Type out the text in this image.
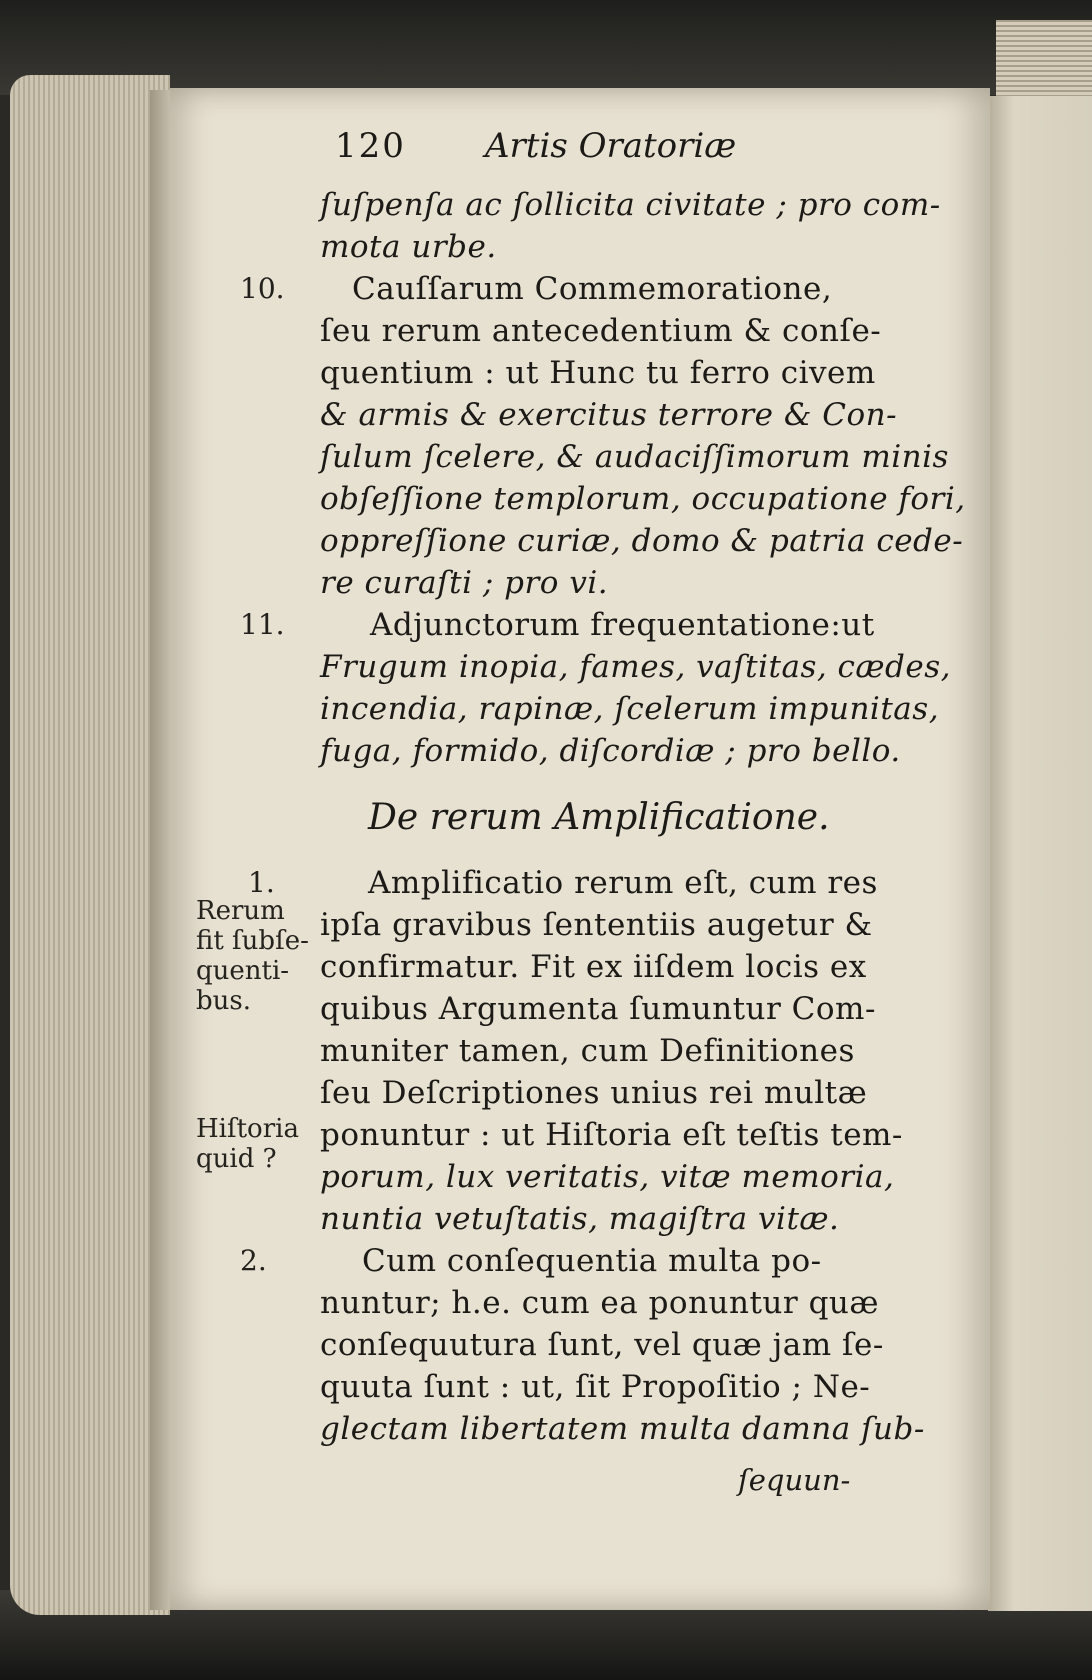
120 Artis Oratoriæ
ſuſpenſa ac ſollicita civitate ; pro com-
mota urbe.
10.	Cauſſarum Commemoratione,
ſeu rerum antecedentium & conſe-
quentium : ut Hunc tu ferro civem
& armis & exercitus terrore & Con-
ſulum ſcelere, & audaciſſimorum minis
obſeſſione templorum, occupatione fori,
oppreſſione curiæ, domo & patria cede-
re curaſti ; pro vi.
11.	Adjunctorum frequentatione:ut
Frugum inopia, fames, vaſtitas, cædes,
incendia, rapinæ, ſcelerum impunitas,
fuga, formido, diſcordiæ ; pro bello.
De rerum Amplificatione.
1.
Rerum
fit ſubſe-
quenti-
bus.
Amplificatio rerum eſt, cum res
ipſa gravibus ſententiis augetur &
confirmatur. Fit ex iiſdem locis ex
quibus Argumenta ſumuntur Com-
muniter tamen, cum Definitiones
ſeu Deſcriptiones unius rei multæ
Hiſtoria
quid ?
ponuntur : ut Hiſtoria eſt teſtis tem-
porum, lux veritatis, vitæ memoria,
nuntia vetuſtatis, magiſtra vitæ.
2.	Cum conſequentia multa po-
nuntur; h.e. cum ea ponuntur quæ
conſequutura ſunt, vel quæ jam ſe-
quuta ſunt : ut, ſit Propoſitio ; Ne-
glectam libertatem multa damna ſub-
ſequun-
